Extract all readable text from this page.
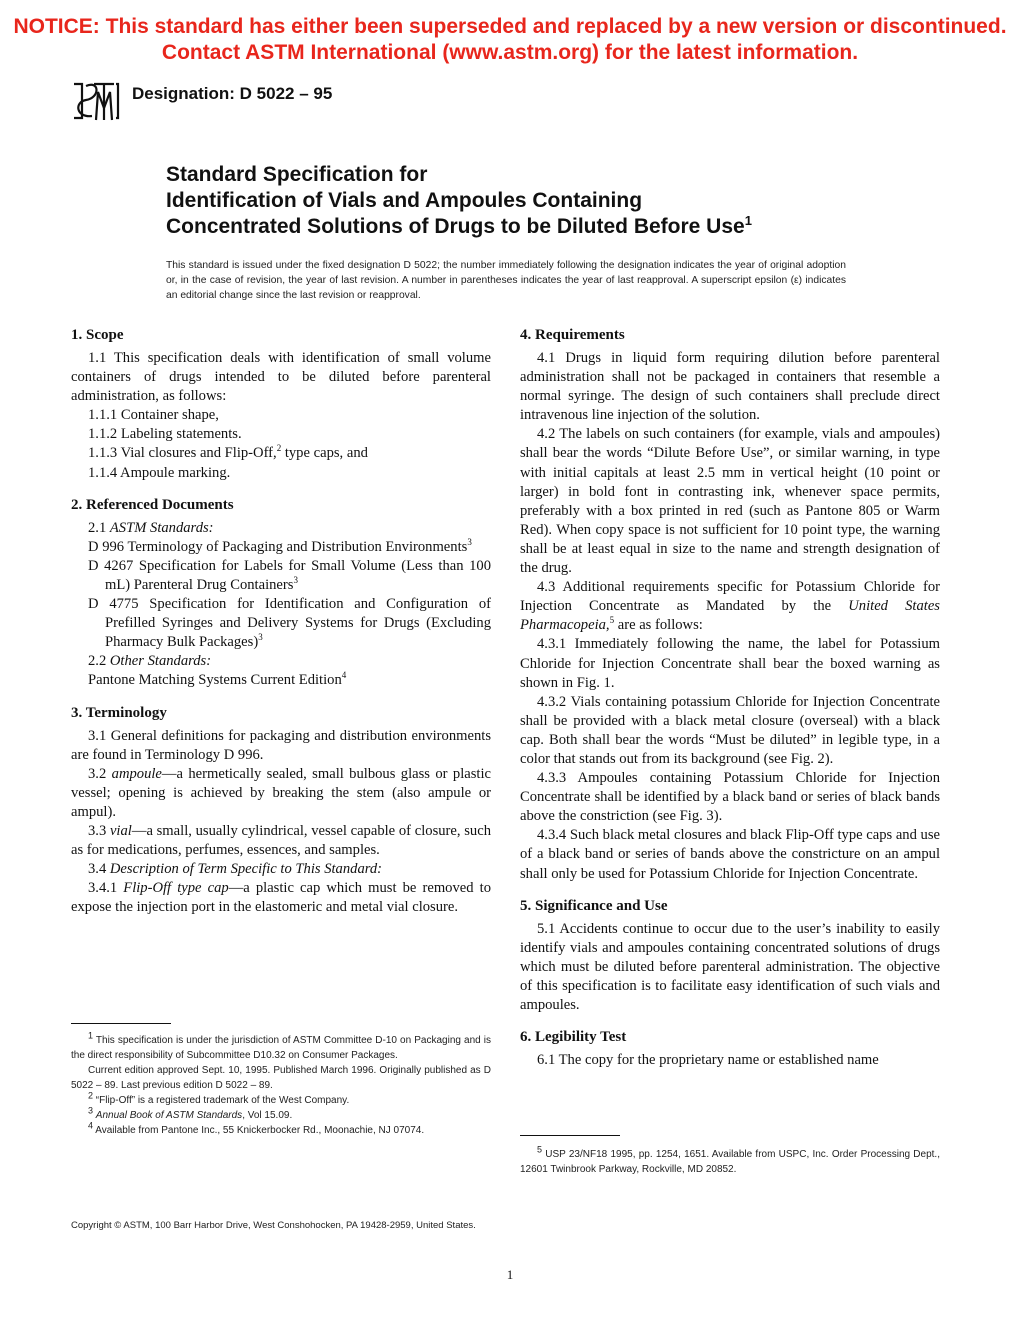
NOTICE: This standard has either been superseded and replaced by a new version or discontinued.
Contact ASTM International (www.astm.org) for the latest information.
Designation: D 5022 – 95
Standard Specification for
Identification of Vials and Ampoules Containing
Concentrated Solutions of Drugs to be Diluted Before Use$^1$
This standard is issued under the fixed designation D 5022; the number immediately following the designation indicates the year of original adoption or, in the case of revision, the year of last revision. A number in parentheses indicates the year of last reapproval. A superscript epsilon (ε) indicates an editorial change since the last revision or reapproval.
1. Scope

1.1 This specification deals with identification of small volume containers of drugs intended to be diluted before parenteral administration, as follows:

1.1.1 Container shape,

1.1.2 Labeling statements.

1.1.3 Vial closures and Flip-Off,$^2$ type caps, and

1.1.4 Ampoule marking.

2. Referenced Documents

2.1 ASTM Standards:

D 996 Terminology of Packaging and Distribution Environments$^3$

D 4267 Specification for Labels for Small Volume (Less than 100 mL) Parenteral Drug Containers$^3$

D 4775 Specification for Identification and Configuration of Prefilled Syringes and Delivery Systems for Drugs (Excluding Pharmacy Bulk Packages)$^3$

2.2 Other Standards:

Pantone Matching Systems Current Edition$^4$

3. Terminology

3.1 General definitions for packaging and distribution environments are found in Terminology D 996.

3.2 ampoule—a hermetically sealed, small bulbous glass or plastic vessel; opening is achieved by breaking the stem (also ampule or ampul).

3.3 vial—a small, usually cylindrical, vessel capable of closure, such as for medications, perfumes, essences, and samples.

3.4 Description of Term Specific to This Standard:

3.4.1 Flip-Off type cap—a plastic cap which must be removed to expose the injection port in the elastomeric and metal vial closure.

$^1$ This specification is under the jurisdiction of ASTM Committee D-10 on Packaging and is the direct responsibility of Subcommittee D10.32 on Consumer Packages.

Current edition approved Sept. 10, 1995. Published March 1996. Originally published as D 5022 – 89. Last previous edition D 5022 – 89.

$^2$ “Flip-Off” is a registered trademark of the West Company.

$^3$ Annual Book of ASTM Standards, Vol 15.09.

$^4$ Available from Pantone Inc., 55 Knickerbocker Rd., Moonachie, NJ 07074.

4. Requirements

4.1 Drugs in liquid form requiring dilution before parenteral administration shall not be packaged in containers that resemble a normal syringe. The design of such containers shall preclude direct intravenous line injection of the solution.

4.2 The labels on such containers (for example, vials and ampoules) shall bear the words “Dilute Before Use”, or similar warning, in type with initial capitals at least 2.5 mm in vertical height (10 point or larger) in bold font in contrasting ink, whenever space permits, preferably with a box printed in red (such as Pantone 805 or Warm Red). When copy space is not sufficient for 10 point type, the warning shall be at least equal in size to the name and strength designation of the drug.

4.3 Additional requirements specific for Potassium Chloride for Injection Concentrate as Mandated by the United States Pharmacopeia,$^5$ are as follows:

4.3.1 Immediately following the name, the label for Potassium Chloride for Injection Concentrate shall bear the boxed warning as shown in Fig. 1.

4.3.2 Vials containing potassium Chloride for Injection Concentrate shall be provided with a black metal closure (overseal) with a black cap. Both shall bear the words “Must be diluted” in legible type, in a color that stands out from its background (see Fig. 2).

4.3.3 Ampoules containing Potassium Chloride for Injection Concentrate shall be identified by a black band or series of black bands above the constriction (see Fig. 3).

4.3.4 Such black metal closures and black Flip-Off type caps and use of a black band or series of bands above the constricture on an ampul shall only be used for Potassium Chloride for Injection Concentrate.

5. Significance and Use

5.1 Accidents continue to occur due to the user’s inability to easily identify vials and ampoules containing concentrated solutions of drugs which must be diluted before parenteral administration. The objective of this specification is to facilitate easy identification of such vials and ampoules.

6. Legibility Test

6.1 The copy for the proprietary name or established name

$^5$ USP 23/NF18 1995, pp. 1254, 1651. Available from USPC, Inc. Order Processing Dept., 12601 Twinbrook Parkway, Rockville, MD 20852.

Copyright © ASTM, 100 Barr Harbor Drive, West Conshohocken, PA 19428-2959, United States.
1
